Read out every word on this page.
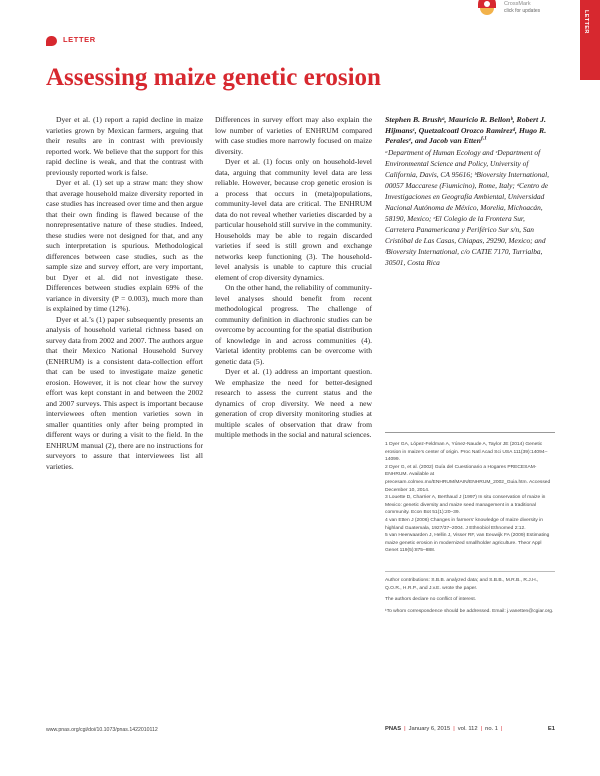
LETTER
CrossMark
click for updates	LETTER
Assessing maize genetic erosion

Dyer et al. (1) report a rapid decline in maize varieties grown by Mexican farmers, arguing that their results are in contrast with previously reported work. We believe that the support for this rapid decline is weak, and that the contrast with previously reported work is false.

Dyer et al. (1) set up a straw man: they show that average household maize diversity reported in case studies has increased over time and then argue that their own finding is flawed because of the nonrepresentative nature of these studies. Indeed, these studies were not designed for that, and any such interpretation is spurious. Methodological differences between case studies, such as the sample size and survey effort, are very important, but Dyer et al. did not investigate these. Differences between studies explain 69% of the variance in diversity (P = 0.003), much more than is explained by time (12%).

Dyer et al.’s (1) paper subsequently presents an analysis of household varietal richness based on survey data from 2002 and 2007. The authors argue that their Mexico National Household Survey (ENHRUM) is a consistent data-collection effort that can be used to investigate maize genetic erosion. However, it is not clear how the survey effort was kept constant in and between the 2002 and 2007 surveys. This aspect is important because interviewees often mention varieties sown in smaller quantities only after being prompted in different ways or during a visit to the field. In the ENHRUM manual (2), there are no instructions for surveyors to assure that interviewees list all varieties.

Differences in survey effort may also explain the low number of varieties of ENHRUM compared with case studies more narrowly focused on maize diversity.

Dyer et al. (1) focus only on household-level data, arguing that community level data are less reliable. However, because crop genetic erosion is a process that occurs in (meta)populations, community-level data are critical. The ENHRUM data do not reveal whether varieties discarded by a particular household still survive in the community. Households may be able to regain discarded varieties if seed is still grown and exchange networks keep functioning (3). The household-level analysis is unable to capture this crucial element of crop diversity dynamics.

On the other hand, the reliability of community-level analyses should benefit from recent methodological progress. The challenge of community definition in diachronic studies can be overcome by accounting for the spatial distribution of knowledge in and across communities (4). Varietal identity problems can be overcome with genetic data (5).

Dyer et al. (1) address an important question. We emphasize the need for better-designed research to assess the current status and the dynamics of crop diversity. We need a new generation of crop diversity monitoring studies at multiple scales of observation that draw from multiple methods in the social and natural sciences.

Stephen B. Brushᵃ, Mauricio R. Bellonᵇ, Robert J. Hijmansᶜ, Quetzalcoatl Orozco Ramirezᵈ, Hugo R. Peralesᵉ, and Jacob van Etten$^{f,1}$

ᵃDepartment of Human Ecology and ᶜDepartment of Environmental Science and Policy, University of California, Davis, CA 95616; ᵇBioversity International, 00057 Maccarese (Fiumicino), Rome, Italy; ᵈCentro de Investigaciones en Geografía Ambiental, Universidad Nacional Autónoma de México, Morelia, Michoacán, 58190, Mexico; ᵉEl Colegio de la Frontera Sur, Carretera Panamericana y Periférico Sur s/n, San Cristóbal de Las Casas, Chiapas, 29290, Mexico; and ᶠBioversity International, c/o CATIE 7170, Turrialba, 30501, Costa Rica

1 Dyer GA, López-Feldman A, Yúnez-Naude A, Taylor JE (2014) Genetic erosion in maize’s center of origin. Proc Natl Acad Sci USA 111(39):14094–14099.

2 Dyer G, et al. (2002) Guía del Cuestionario a Hogares PRECESAM-ENHRUM. Available at precesam.colmex.mx/ENHRUM/MAIN/ENHRUM_2002_Guia.htm. Accessed December 10, 2014.

3 Louette D, Charrier A, Berthaud J (1997) In situ conservation of maize in Mexico: genetic diversity and maize seed management in a traditional community. Econ Bot 51(1):20–39.

4 van Etten J (2006) Changes in farmers’ knowledge of maize diversity in highland Guatemala, 1927/37–2004. J Ethnobiol Ethnomed 2:12.

5 van Heerwaarden J, Hellin J, Visser RF, van Eeuwijk FA (2009) Estimating maize genetic erosion in modernized smallholder agriculture. Theor Appl Genet 119(5):875–888.

Author contributions: S.B.B. analyzed data; and S.B.B., M.R.B., R.J.H., Q.O.R., H.R.P., and J.v.E. wrote the paper.

The authors declare no conflict of interest.

¹To whom correspondence should be addressed. Email: j.vanetten@cgiar.org.

www.pnas.org/cgi/doi/10.1073/pnas.1422010112	PNAS | January 6, 2015 | vol. 112 | no. 1 |	E1
